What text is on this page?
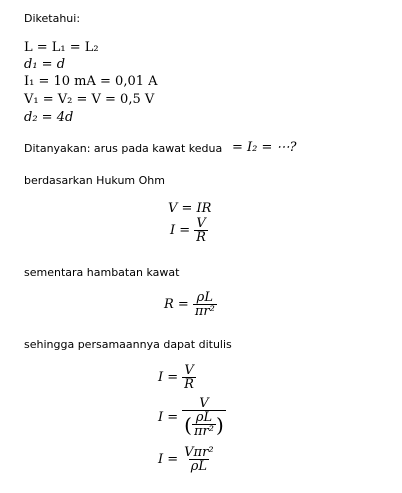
Diketahui:
L = L₁ = L₂
d₁ = d
I₁ = 10 mA = 0,01 A
V₁ = V₂ = V = 0,5 V
d₂ = 4d
Ditanyakan: arus pada kawat kedua = I₂ = ⋯?
berdasarkan Hukum Ohm
V = IR
$I = \frac{V}{R}$
sementara hambatan kawat
$R = \frac{\rho L}{\text{πr²}}$
sehingga persamaannya dapat ditulis
$I = \frac{V}{R}$
$I = \frac{V}{( \frac{\rho L}{\text{πr²}} )}$
$I = \frac{\text{Vπr²}}{\rho L}$
